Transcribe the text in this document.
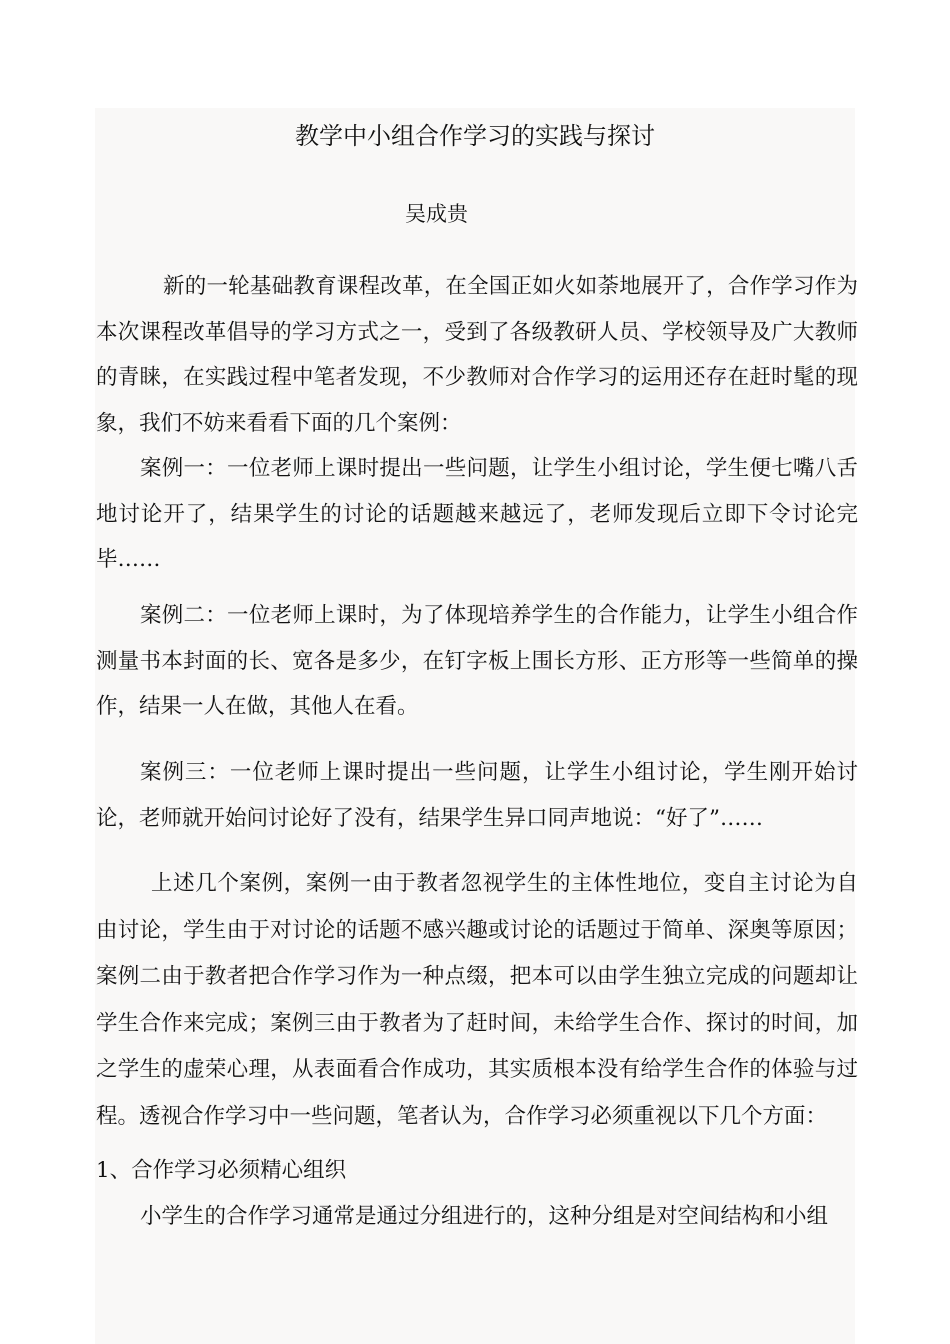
教学中小组合作学习的实践与探讨

吴成贵

新的一轮基础教育课程改革，在全国正如火如荼地展开了，合作学习作为本次课程改革倡导的学习方式之一，受到了各级教研人员、学校领导及广大教师的青睐，在实践过程中笔者发现，不少教师对合作学习的运用还存在赶时髦的现象，我们不妨来看看下面的几个案例：

案例一：一位老师上课时提出一些问题，让学生小组讨论，学生便七嘴八舌地讨论开了，结果学生的讨论的话题越来越远了，老师发现后立即下令讨论完毕……

案例二：一位老师上课时，为了体现培养学生的合作能力，让学生小组合作测量书本封面的长、宽各是多少，在钉字板上围长方形、正方形等一些简单的操作，结果一人在做，其他人在看。

案例三：一位老师上课时提出一些问题，让学生小组讨论，学生刚开始讨论，老师就开始问讨论好了没有，结果学生异口同声地说：“好了”……

上述几个案例，案例一由于教者忽视学生的主体性地位，变自主讨论为自由讨论，学生由于对讨论的话题不感兴趣或讨论的话题过于简单、深奥等原因；案例二由于教者把合作学习作为一种点缀，把本可以由学生独立完成的问题却让学生合作来完成；案例三由于教者为了赶时间，未给学生合作、探讨的时间，加之学生的虚荣心理，从表面看合作成功，其实质根本没有给学生合作的体验与过程。透视合作学习中一些问题，笔者认为，合作学习必须重视以下几个方面：

1、合作学习必须精心组织

小学生的合作学习通常是通过分组进行的，这种分组是对空间结构和小组
